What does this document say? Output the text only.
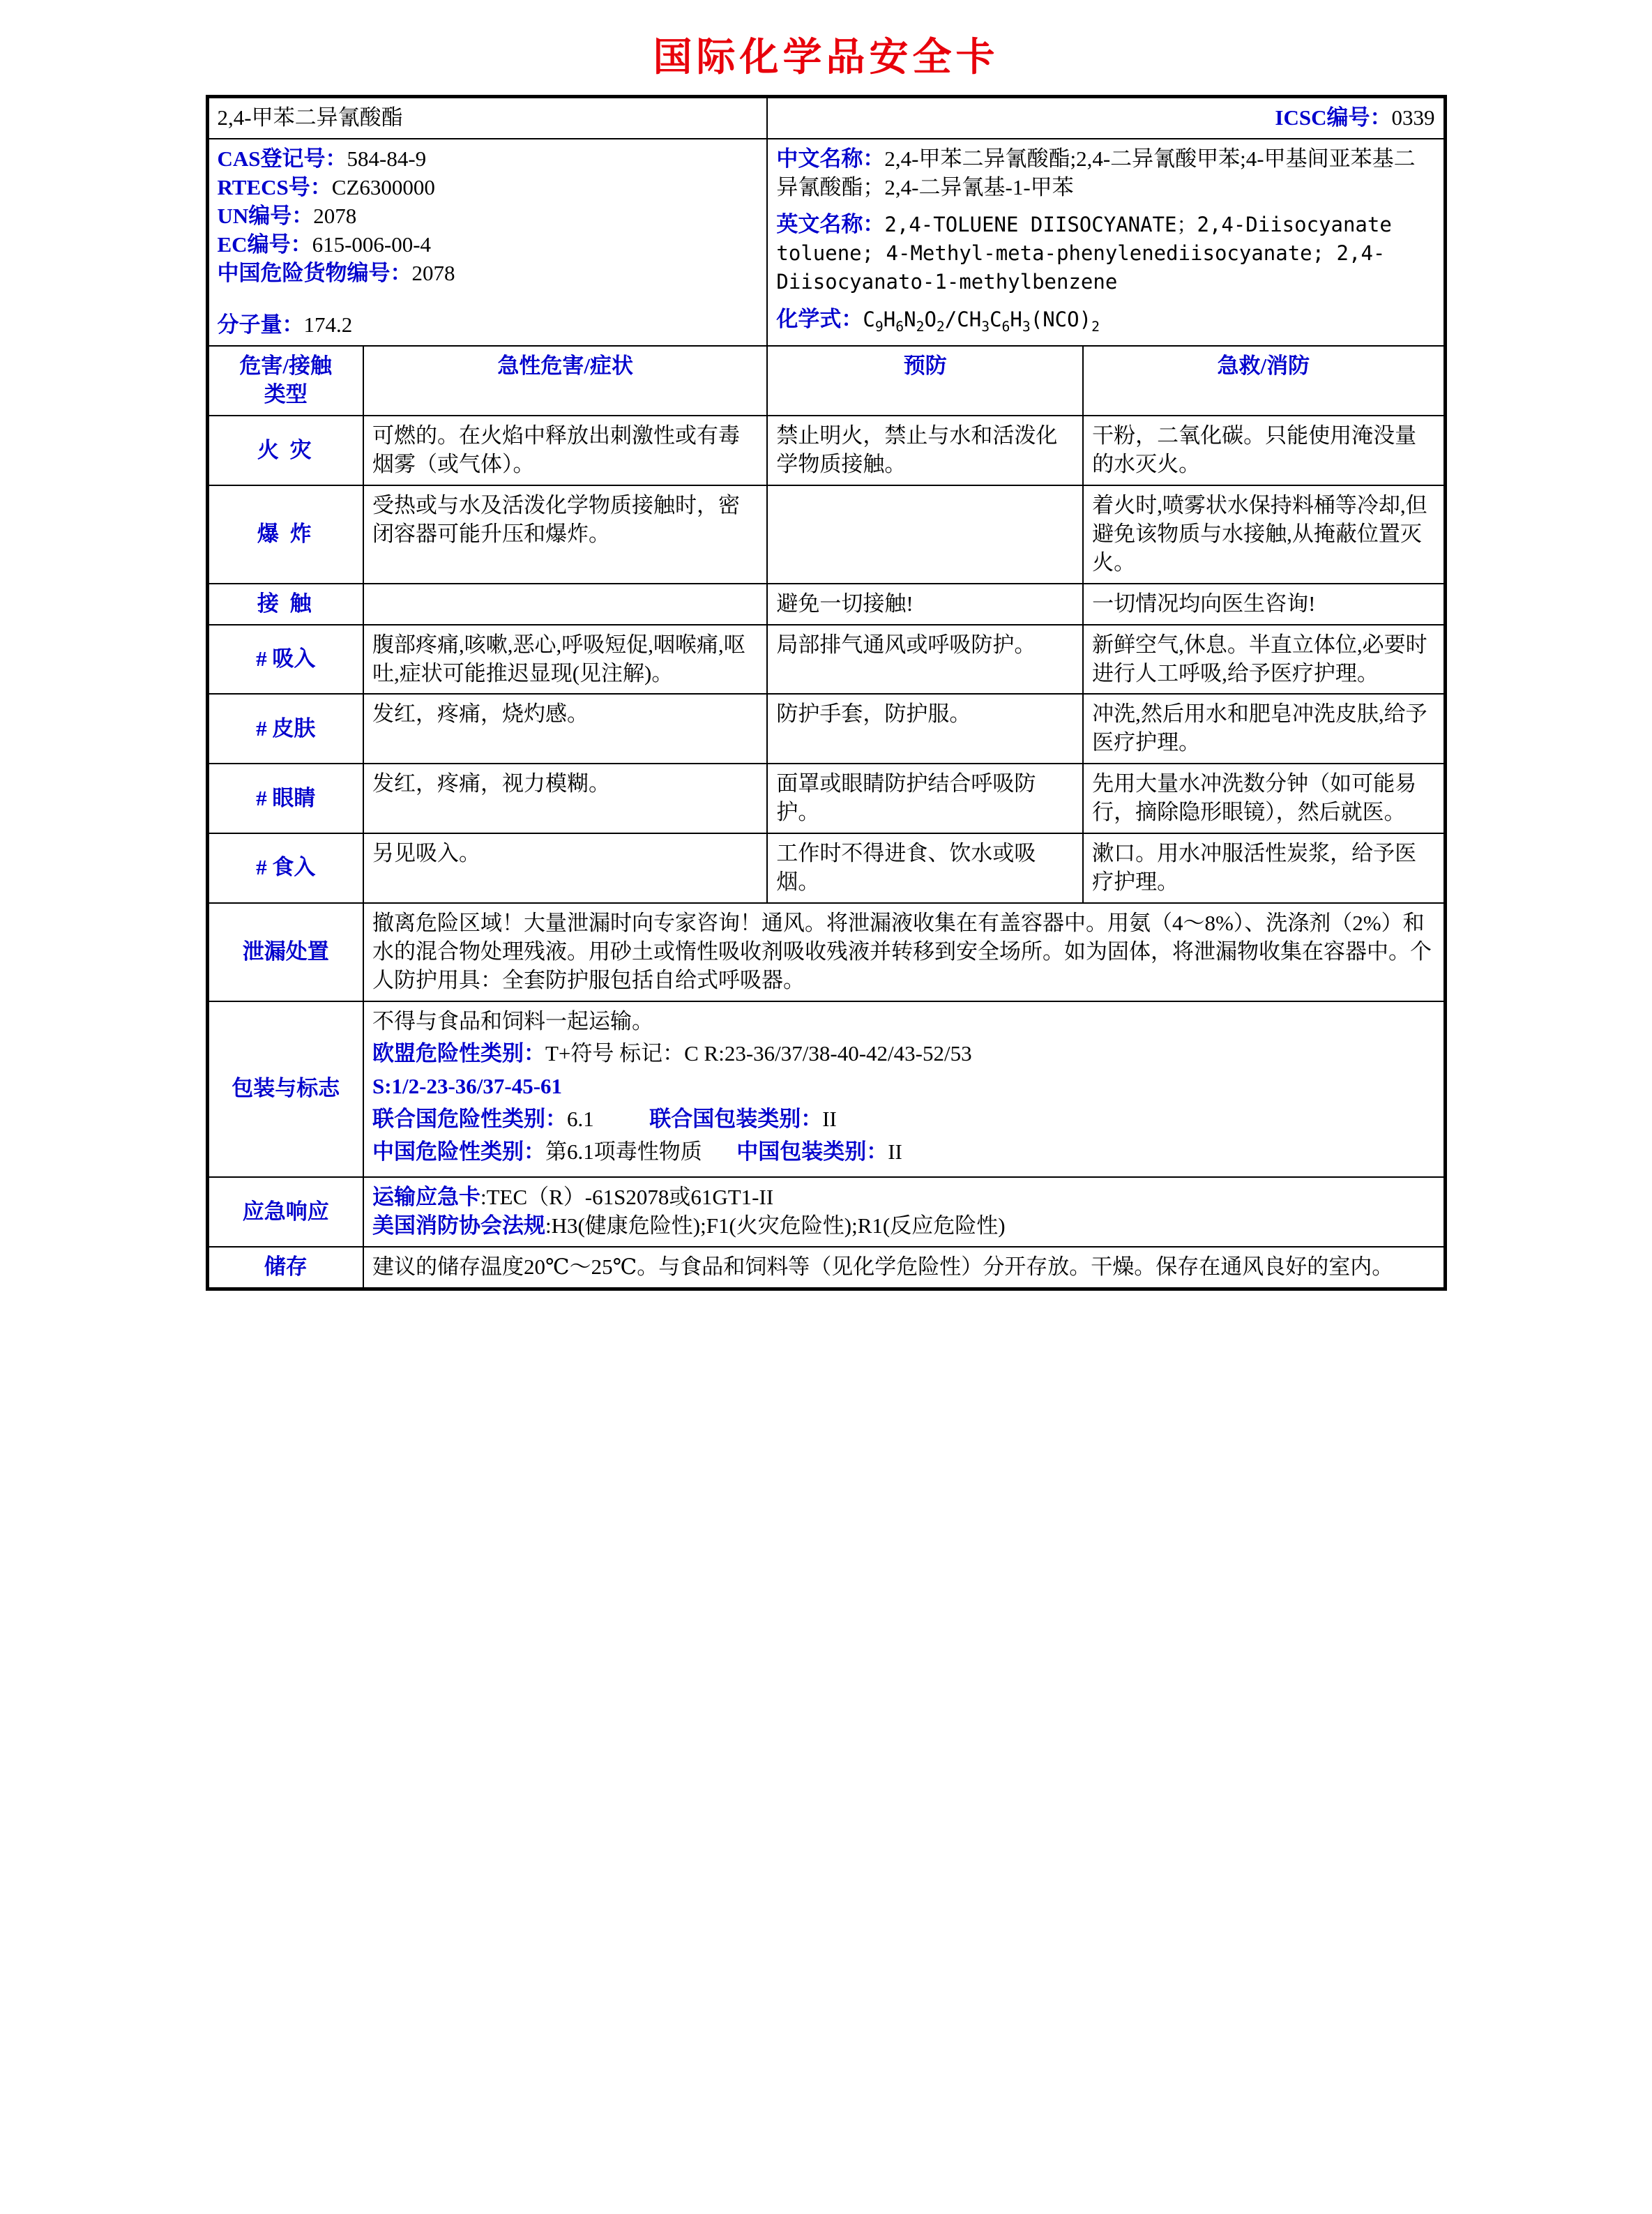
国际化学品安全卡
2,4-甲苯二异氰酸酯		ICSC编号：0339	

CAS登记号：584-84-9
RTECS号：CZ6300000
UN编号：2078
EC编号：615-006-00-4
中国危险货物编号：2078
分子量：174.2

中文名称：2,4-甲苯二异氰酸酯;2,4-二异氰酸甲苯;4-甲基间亚苯基二异氰酸酯；2,4-二异氰基-1-甲苯
英文名称：2,4-TOLUENE DIISOCYANATE；2,4-Diisocyanate toluene; 4-Methyl-meta-phenylenediisocyanate; 2,4-Diisocyanato-1-methylbenzene
化学式：$C_9H_6N_2O_2/CH_3C_6H_3(NCO)_2$

危害/接触
类型	急性危害/症状	预防	急救/消防
火 灾	可燃的。在火焰中释放出刺激性或有毒烟雾（或气体）。	禁止明火，禁止与水和活泼化学物质接触。	干粉，二氧化碳。只能使用淹没量的水灭火。
爆 炸	受热或与水及活泼化学物质接触时，密闭容器可能升压和爆炸。		着火时,喷雾状水保持料桶等冷却,但避免该物质与水接触,从掩蔽位置灭火。
接 触		避免一切接触!	一切情况均向医生咨询!
# 吸入	腹部疼痛,咳嗽,恶心,呼吸短促,咽喉痛,呕吐,症状可能推迟显现(见注解)。	局部排气通风或呼吸防护。	新鲜空气,休息。半直立体位,必要时进行人工呼吸,给予医疗护理。
# 皮肤	发红，疼痛，烧灼感。	防护手套，防护服。	冲洗,然后用水和肥皂冲洗皮肤,给予医疗护理。
# 眼睛	发红，疼痛，视力模糊。	面罩或眼睛防护结合呼吸防护。	先用大量水冲洗数分钟（如可能易行，摘除隐形眼镜），然后就医。
# 食入	另见吸入。	工作时不得进食、饮水或吸烟。	漱口。用水冲服活性炭浆，给予医疗护理。
泄漏处置	撤离危险区域！大量泄漏时向专家咨询！通风。将泄漏液收集在有盖容器中。用氨（4～8%）、洗涤剂（2%）和水的混合物处理残液。用砂土或惰性吸收剂吸收残液并转移到安全场所。如为固体，将泄漏物收集在容器中。个人防护用具：全套防护服包括自给式呼吸器。		
包装与标志	不得与食品和饲料一起运输。
欧盟危险性类别：T+符号 标记：C R:23-36/37/38-40-42/43-52/53
S:1/2-23-36/37-45-61
联合国危险性类别：6.1 联合国包装类别：II
中国危险性类别：第6.1项毒性物质 中国包装类别：II		

应急响应	运输应急卡:TEC（R）-61S2078或61GT1-II
美国消防协会法规:H3(健康危险性);F1(火灾危险性);R1(反应危险性)		

储存	建议的储存温度20℃～25℃。与食品和饲料等（见化学危险性）分开存放。干燥。保存在通风良好的室内。		
